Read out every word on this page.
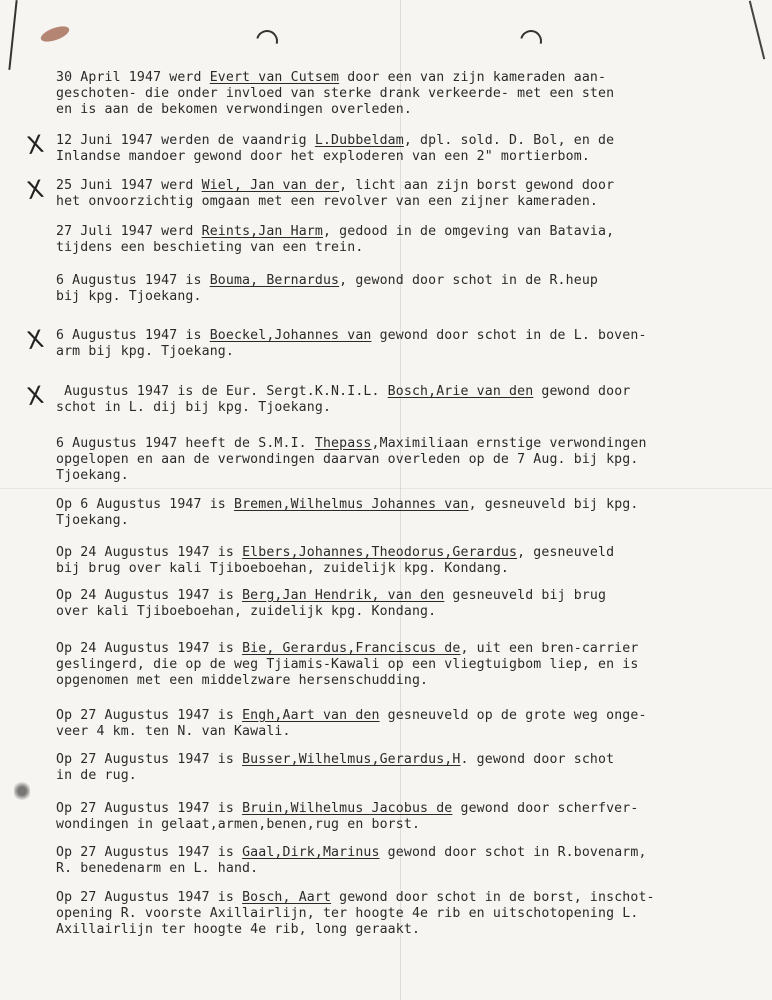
30 April 1947 werd Evert van Cutsem door een van zijn kameraden aan-
geschoten- die onder invloed van sterke drank verkeerde- met een sten
en is aan de bekomen verwondingen overleden.
12 Juni 1947 werden de vaandrig L.Dubbeldam, dpl. sold. D. Bol, en de
Inlandse mandoer gewond door het exploderen van een 2" mortierbom.
X
25 Juni 1947 werd Wiel, Jan van der, licht aan zijn borst gewond door
het onvoorzichtig omgaan met een revolver van een zijner kameraden.
X
27 Juli 1947 werd Reints,Jan Harm, gedood in de omgeving van Batavia,
tijdens een beschieting van een trein.
6 Augustus 1947 is Bouma, Bernardus, gewond door schot in de R.heup
bij kpg. Tjoekang.
6 Augustus 1947 is Boeckel,Johannes van gewond door schot in de L. boven-
arm bij kpg. Tjoekang.
X
Augustus 1947 is de Eur. Sergt.K.N.I.L. Bosch,Arie van den gewond door
schot in L. dij bij kpg. Tjoekang.
X
6 Augustus 1947 heeft de S.M.I. Thepass,Maximiliaan ernstige verwondingen
opgelopen en aan de verwondingen daarvan overleden op de 7 Aug. bij kpg.
Tjoekang.
Op 6 Augustus 1947 is Bremen,Wilhelmus Johannes van, gesneuveld bij kpg.
Tjoekang.
Op 24 Augustus 1947 is Elbers,Johannes,Theodorus,Gerardus, gesneuveld
bij brug over kali Tjiboeboehan, zuidelijk kpg. Kondang.
Op 24 Augustus 1947 is Berg,Jan Hendrik, van den gesneuveld bij brug
over kali Tjiboeboehan, zuidelijk kpg. Kondang.
Op 24 Augustus 1947 is Bie, Gerardus,Franciscus de, uit een bren-carrier
geslingerd, die op de weg Tjiamis-Kawali op een vliegtuigbom liep, en is
opgenomen met een middelzware hersenschudding.
Op 27 Augustus 1947 is Engh,Aart van den gesneuveld op de grote weg onge-
veer 4 km. ten N. van Kawali.
Op 27 Augustus 1947 is Busser,Wilhelmus,Gerardus,H. gewond door schot
in de rug.
Op 27 Augustus 1947 is Bruin,Wilhelmus Jacobus de gewond door scherfver-
wondingen in gelaat,armen,benen,rug en borst.
Op 27 Augustus 1947 is Gaal,Dirk,Marinus gewond door schot in R.bovenarm,
R. benedenarm en L. hand.
Op 27 Augustus 1947 is Bosch, Aart gewond door schot in de borst, inschot-
opening R. voorste Axillairlijn, ter hoogte 4e rib en uitschotopening L.
Axillairlijn ter hoogte 4e rib, long geraakt.
